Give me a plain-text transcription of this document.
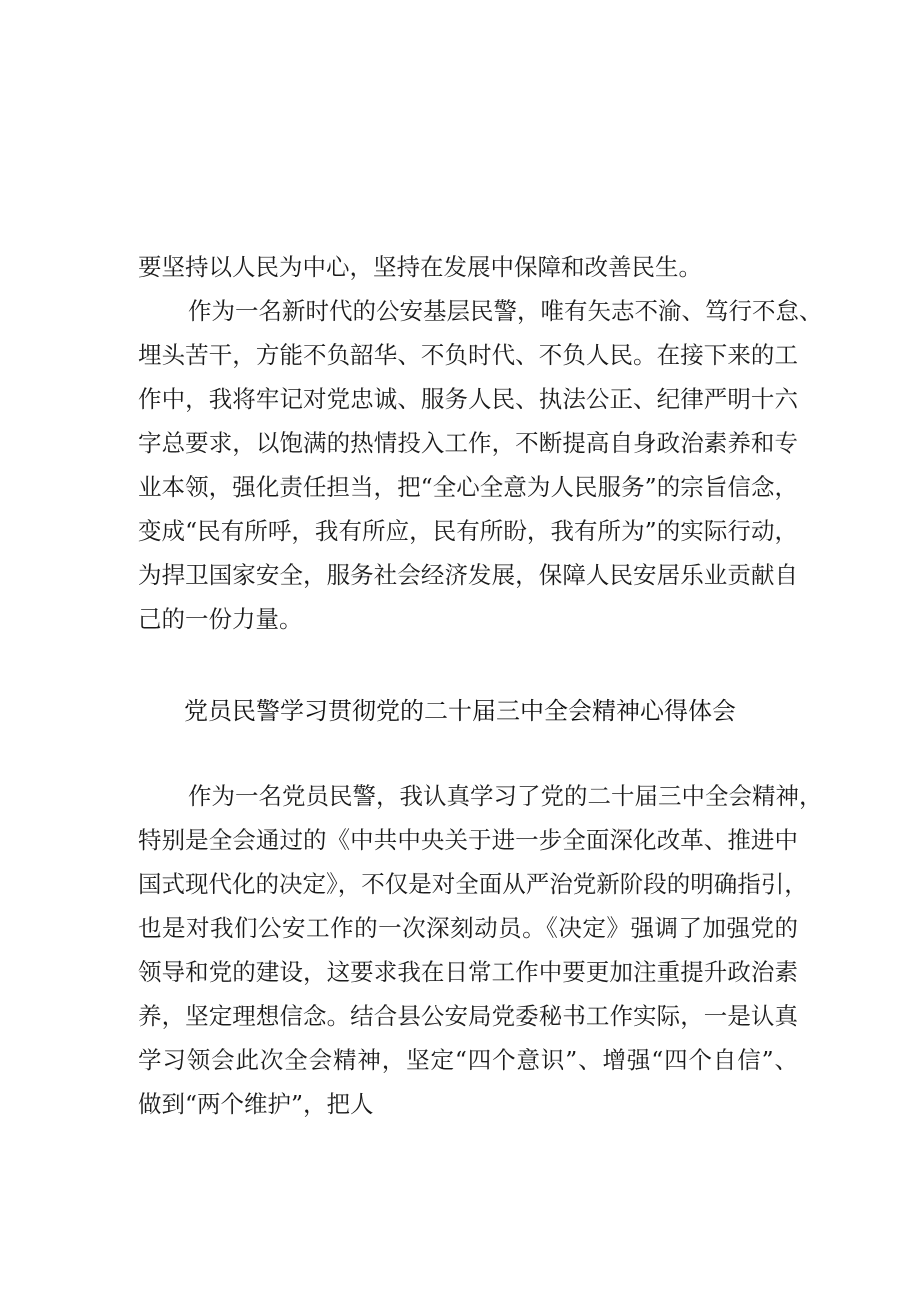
要坚持以人民为中心，坚持在发展中保障和改善民生。
作为一名新时代的公安基层民警，唯有矢志不渝、笃行不怠、
埋头苦干，方能不负韶华、不负时代、不负人民。在接下来的工
作中，我将牢记对党忠诚、服务人民、执法公正、纪律严明十六
字总要求，以饱满的热情投入工作，不断提高自身政治素养和专
业本领，强化责任担当，把“全心全意为人民服务”的宗旨信念，
变成“民有所呼，我有所应，民有所盼，我有所为”的实际行动，
为捍卫国家安全，服务社会经济发展，保障人民安居乐业贡献自
己的一份力量。
党员民警学习贯彻党的二十届三中全会精神心得体会
作为一名党员民警，我认真学习了党的二十届三中全会精神，
特别是全会通过的《中共中央关于进一步全面深化改革、推进中
国式现代化的决定》，不仅是对全面从严治党新阶段的明确指引，
也是对我们公安工作的一次深刻动员。《决定》强调了加强党的
领导和党的建设，这要求我在日常工作中要更加注重提升政治素
养，坚定理想信念。结合县公安局党委秘书工作实际，一是认真
学习领会此次全会精神，坚定“四个意识”、增强“四个自信”、
做到“两个维护”，把人
